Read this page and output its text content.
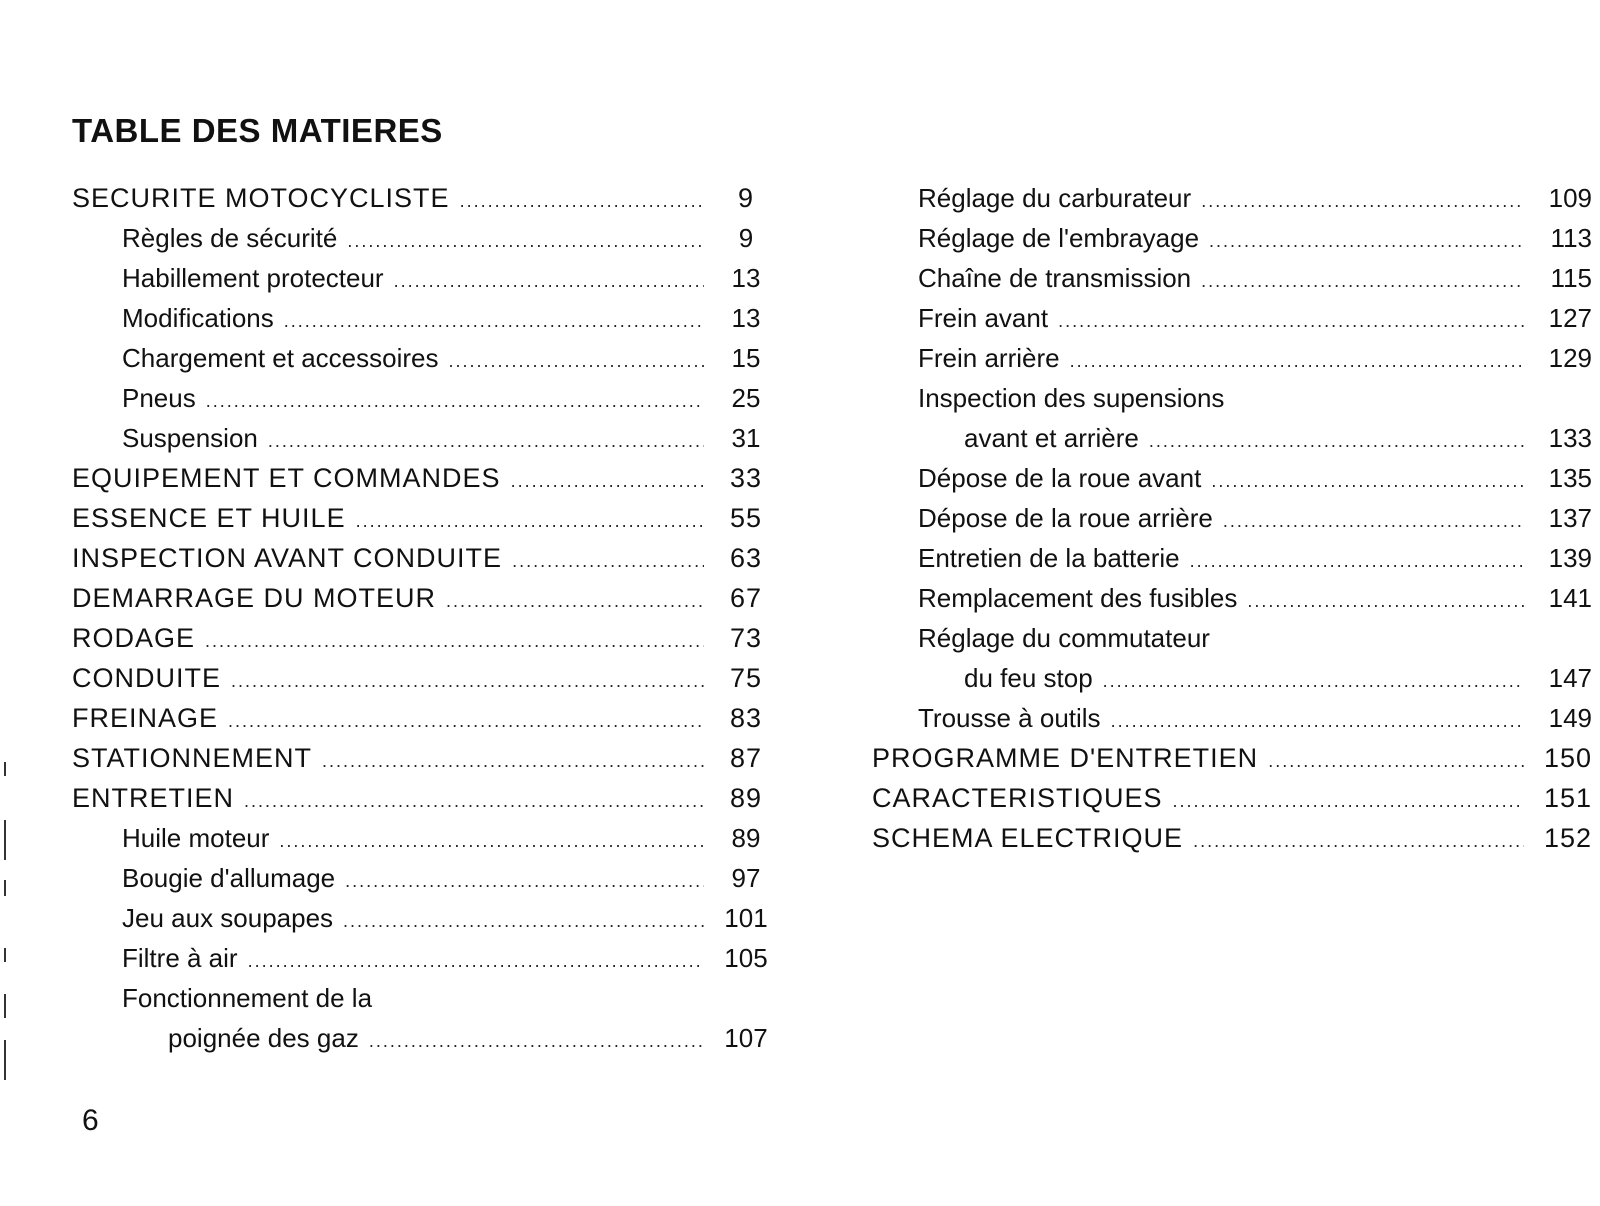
TABLE DES MATIERES
SECURITE MOTOCYCLISTE .....	9
Règles de sécurité .....	9
Habillement protecteur .....	13
Modifications .....	13
Chargement et accessoires .....	15
Pneus .....	25
Suspension .....	31
EQUIPEMENT ET COMMANDES .....	33
ESSENCE ET HUILE .....	55
INSPECTION AVANT CONDUITE .....	63
DEMARRAGE DU MOTEUR .....	67
RODAGE .....	73
CONDUITE .....	75
FREINAGE .....	83
STATIONNEMENT .....	87
ENTRETIEN .....	89
Huile moteur .....	89
Bougie d'allumage .....	97
Jeu aux soupapes .....	101
Filtre à air .....	105
Fonctionnement de la
poignée des gaz .....	107
Réglage du carburateur .....	109
Réglage de l'embrayage .....	113
Chaîne de transmission .....	115
Frein avant .....	127
Frein arrière .....	129
Inspection des supensions
avant et arrière .....	133
Dépose de la roue avant .....	135
Dépose de la roue arrière .....	137
Entretien de la batterie .....	139
Remplacement des fusibles .....	141
Réglage du commutateur
du feu stop .....	147
Trousse à outils .....	149
PROGRAMME D'ENTRETIEN .....	150
CARACTERISTIQUES .....	151
SCHEMA ELECTRIQUE .....	152
6
